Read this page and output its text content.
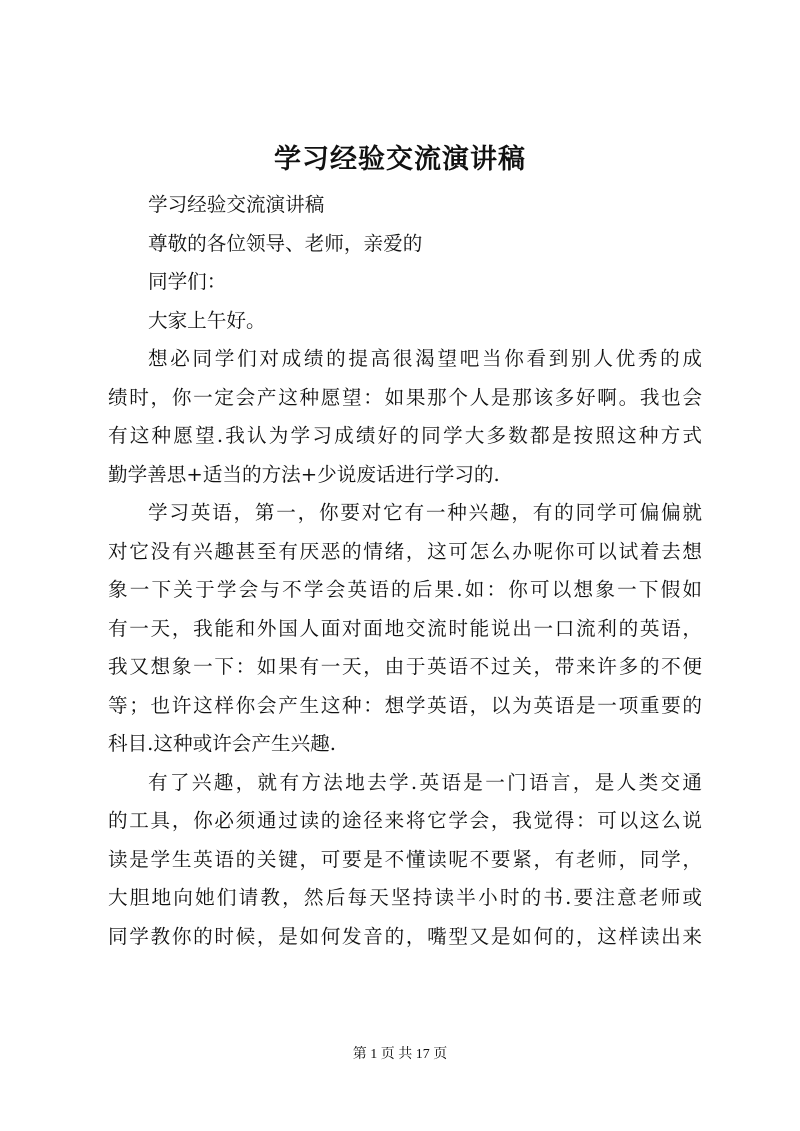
学习经验交流演讲稿
学习经验交流演讲稿
尊敬的各位领导、老师，亲爱的
同学们：
大家上午好。
想必同学们对成绩的提高很渴望吧当你看到别人优秀的成
绩时，你一定会产这种愿望：如果那个人是那该多好啊。我也会
有这种愿望.我认为学习成绩好的同学大多数都是按照这种方式
勤学善思+适当的方法+少说废话进行学习的.
学习英语，第一，你要对它有一种兴趣，有的同学可偏偏就
对它没有兴趣甚至有厌恶的情绪，这可怎么办呢你可以试着去想
象一下关于学会与不学会英语的后果.如：你可以想象一下假如
有一天，我能和外国人面对面地交流时能说出一口流利的英语，
我又想象一下：如果有一天，由于英语不过关，带来许多的不便
等；也许这样你会产生这种：想学英语，以为英语是一项重要的
科目.这种或许会产生兴趣.
有了兴趣，就有方法地去学.英语是一门语言，是人类交通
的工具，你必须通过读的途径来将它学会，我觉得：可以这么说
读是学生英语的关键，可要是不懂读呢不要紧，有老师，同学，
大胆地向她们请教，然后每天坚持读半小时的书.要注意老师或
同学教你的时候，是如何发音的，嘴型又是如何的，这样读出来
第 1 页 共 17 页
